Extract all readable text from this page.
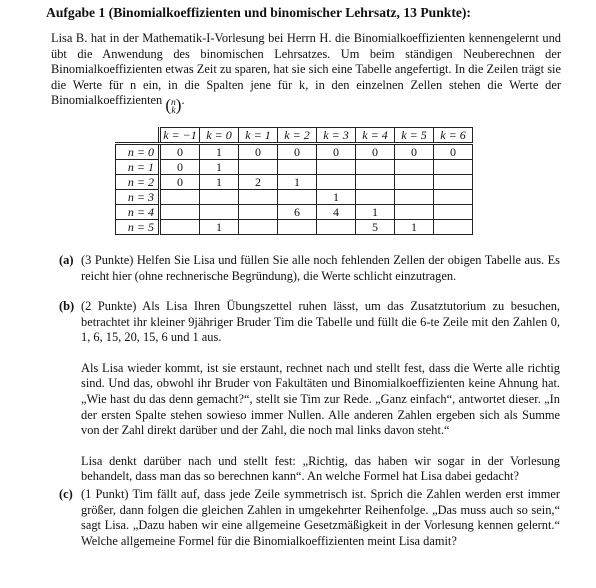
Aufgabe 1 (Binomialkoeffizienten und binomischer Lehrsatz, 13 Punkte):
Lisa B. hat in der Mathematik-I-Vorlesung bei Herrn H. die Binomialkoeffizienten kennengelernt und übt die Anwendung des binomischen Lehrsatzes. Um beim ständigen Neuberechnen der Binomialkoeffizienten etwas Zeit zu sparen, hat sie sich eine Tabelle angefertigt. In die Zeilen trägt sie die Werte für n ein, in die Spalten jene für k, in den einzelnen Zellen stehen die Werte der Binomialkoeffizienten ( n
k ).
	k = −1	k = 0	k = 1	k = 2	k = 3	k = 4	k = 5	k = 6
n = 0	0	1	0	0	0	0	0	0
n = 1	0	1						
n = 2	0	1	2	1				
n = 3					1			
n = 4				6	4	1		
n = 5		1				5	1	
(a) (3 Punkte) Helfen Sie Lisa und füllen Sie alle noch fehlenden Zellen der obigen Tabelle aus. Es reicht hier (ohne rechnerische Begründung), die Werte schlicht einzutragen.

(b) (2 Punkte) Als Lisa Ihren Übungszettel ruhen lässt, um das Zusatztutorium zu besuchen, betrachtet ihr kleiner 9jähriger Bruder Tim die Tabelle und füllt die 6-te Zeile mit den Zahlen 0, 1, 6, 15, 20, 15, 6 und 1 aus.

Als Lisa wieder kommt, ist sie erstaunt, rechnet nach und stellt fest, dass die Werte alle richtig sind. Und das, obwohl ihr Bruder von Fakultäten und Binomialkoeffizienten keine Ahnung hat. „Wie hast du das denn gemacht?“, stellt sie Tim zur Rede. „Ganz einfach“, antwortet dieser. „In der ersten Spalte stehen sowieso immer Nullen. Alle anderen Zahlen ergeben sich als Summe von der Zahl direkt darüber und der Zahl, die noch mal links davon steht.“

Lisa denkt darüber nach und stellt fest: „Richtig, das haben wir sogar in der Vorlesung behandelt, dass man das so berechnen kann“. An welche Formel hat Lisa dabei gedacht?

(c) (1 Punkt) Tim fällt auf, dass jede Zeile symmetrisch ist. Sprich die Zahlen werden erst immer größer, dann folgen die gleichen Zahlen in umgekehrter Reihenfolge. „Das muss auch so sein,“ sagt Lisa. „Dazu haben wir eine allgemeine Gesetzmäßigkeit in der Vorlesung kennen gelernt.“ Welche allgemeine Formel für die Binomialkoeffizienten meint Lisa damit?
